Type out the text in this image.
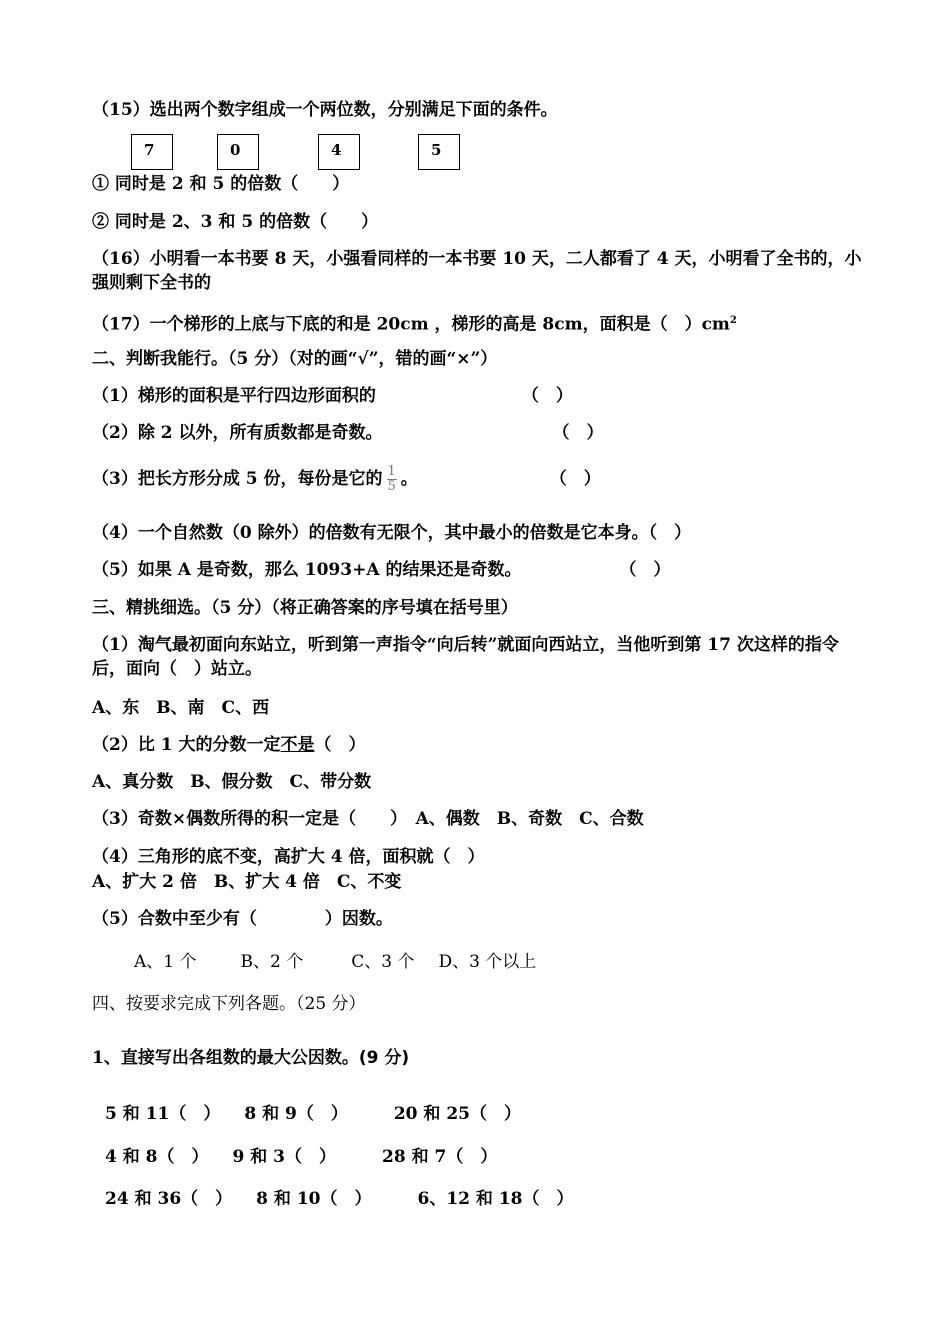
（15）选出两个数字组成一个两位数，分别满足下面的条件。
7	0	4	5
① 同时是 2 和 5 的倍数（　　）
② 同时是 2、3 和 5 的倍数（　　）
（16）小明看一本书要 8 天，小强看同样的一本书要 10 天，二人都看了 4 天，小明看了全书的，小强则剩下全书的
（17）一个梯形的上底与下底的和是 20cm ，梯形的高是 8cm，面积是（　）$cm^2$
二、判断我能行。（5 分）（对的画“√”，错的画“×”）
（1）梯形的面积是平行四边形面积的	（　）
（2）除 2 以外，所有质数都是奇数。	（　）
（3）把长方形分成 5 份，每份是它的 $\frac{1}{5}$ 。	（　）
（4）一个自然数（0 除外）的倍数有无限个，其中最小的倍数是它本身。（　）
（5）如果 A 是奇数，那么 1093+A 的结果还是奇数。	（　）
三、精挑细选。（5 分）（将正确答案的序号填在括号里）
（1）淘气最初面向东站立，听到第一声指令“向后转”就面向西站立，当他听到第 17 次这样的指令后，面向（　）站立。
A、东　B、南　C、西
（2）比 1 大的分数一定不是（　）
A、真分数　B、假分数　C、带分数
（3）奇数×偶数所得的积一定是（　　）　A、偶数　B、奇数　C、合数
（4）三角形的底不变，高扩大 4 倍，面积就（　）
A、扩大 2 倍　B、扩大 4 倍　C、不变
（5）合数中至少有（　　　　）因数。
A、1 个	B、2 个	C、3 个 D、3 个以上
四、按要求完成下列各题。（25 分）
1、直接写出各组数的最大公因数。(9 分)
5 和 11（　） 8 和 9（　）	20 和 25（　）
4 和 8（　） 9 和 3（　）	28 和 7（　）
24 和 36（　） 8 和 10（　）	6、12 和 18（　）
